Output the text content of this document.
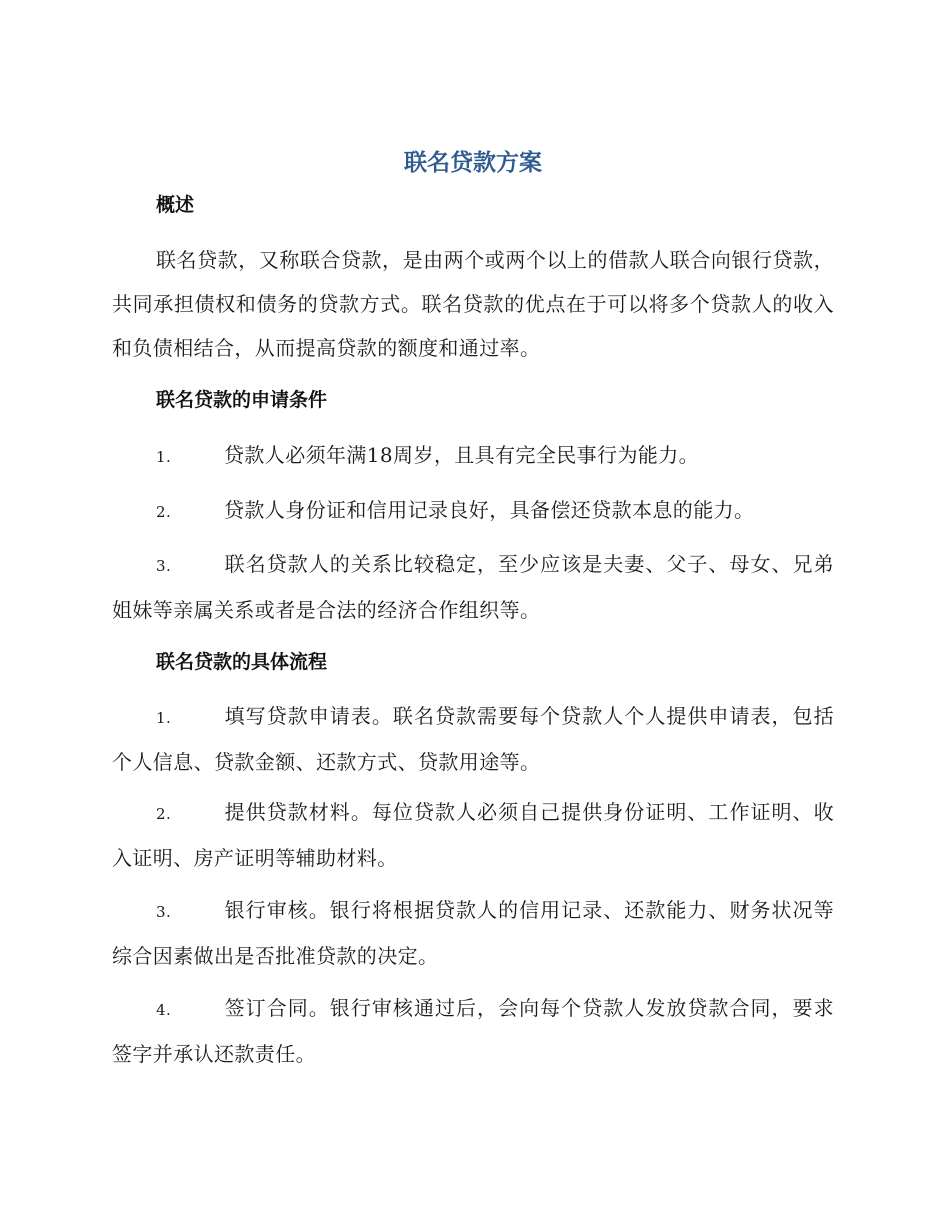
联名贷款方案
概述

联名贷款，又称联合贷款，是由两个或两个以上的借款人联合向银行贷款，共同承担债权和债务的贷款方式。联名贷款的优点在于可以将多个贷款人的收入和负债相结合，从而提高贷款的额度和通过率。

联名贷款的申请条件

1.	贷款人必须年满18周岁，且具有完全民事行为能力。

2.	贷款人身份证和信用记录良好，具备偿还贷款本息的能力。

3.	联名贷款人的关系比较稳定，至少应该是夫妻、父子、母女、兄弟姐妹等亲属关系或者是合法的经济合作组织等。

联名贷款的具体流程

1.	填写贷款申请表。联名贷款需要每个贷款人个人提供申请表，包括个人信息、贷款金额、还款方式、贷款用途等。

2.	提供贷款材料。每位贷款人必须自己提供身份证明、工作证明、收入证明、房产证明等辅助材料。

3.	银行审核。银行将根据贷款人的信用记录、还款能力、财务状况等综合因素做出是否批准贷款的决定。

4.	签订合同。银行审核通过后，会向每个贷款人发放贷款合同，要求签字并承认还款责任。
